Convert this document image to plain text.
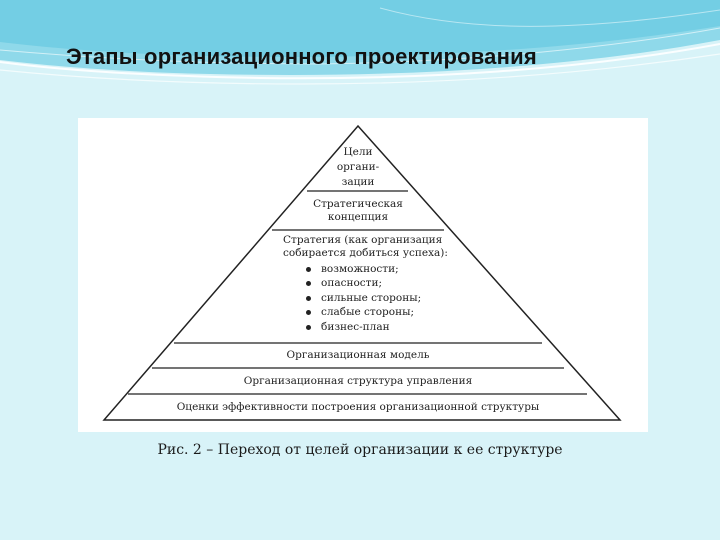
Этапы организационного проектирования
Цели
органи-
зации
Стратегическая
концепция
Стратегия (как организация
собирается добиться успеха):
возможности;
опасности;
сильные стороны;
слабые стороны;
бизнес-план
Организационная модель
Организационная структура управления
Оценки эффективности построения организационной структуры
Рис. 2 – Переход от целей организации к ее структуре
